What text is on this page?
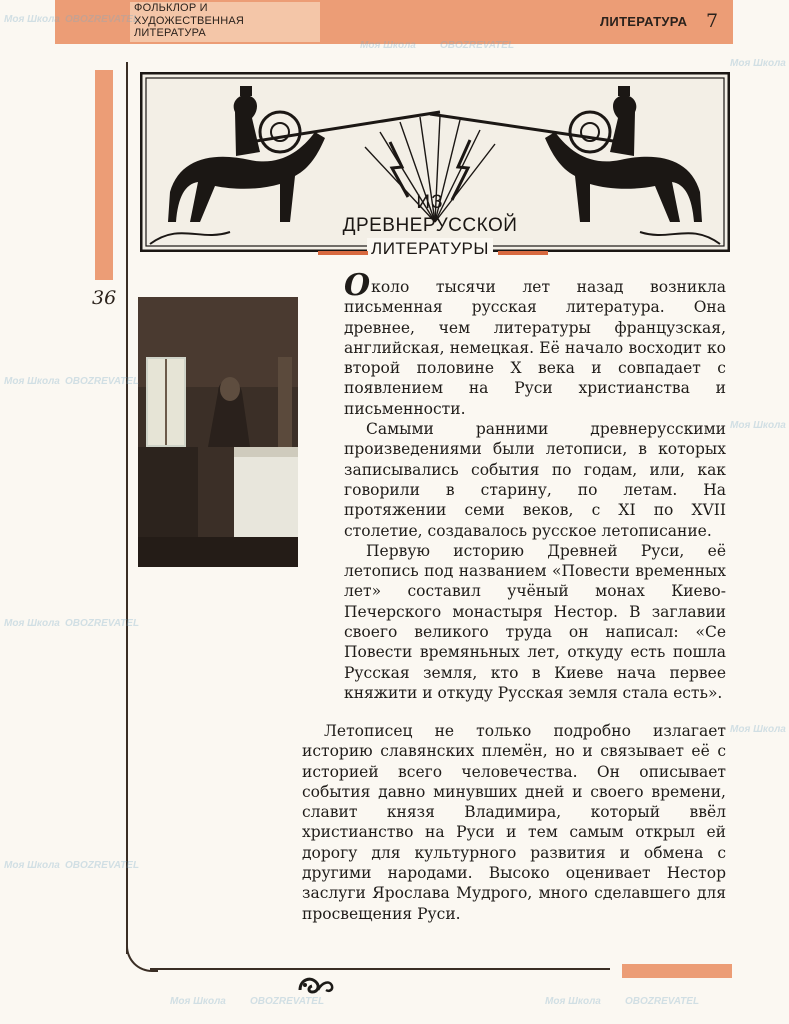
ФОЛЬКЛОР И
ХУДОЖЕСТВЕННАЯ
ЛИТЕРАТУРА
ЛИТЕРАТУРА 7
36
ИЗ
ДРЕВНЕРУССКОЙ
ЛИТЕРАТУРЫ

Около тысячи лет назад возникла письменная русская литература. Она древнее, чем литературы французская, английская, немецкая. Её начало восходит ко второй половине X века и совпадает с появлением на Руси христианства и письменности.

Самыми ранними древнерусскими произведениями были летописи, в которых записывались события по годам, или, как говорили в старину, по летам. На протяжении семи веков, с XI по XVII столетие, создавалось русское летописание.

Первую историю Древней Руси, её летопись под названием «Повести временных лет» составил учёный монах Киево-Печерского монастыря Нестор. В заглавии своего великого труда он написал: «Се Повести времяньных лет, откуду есть пошла Русская земля, кто в Киеве нача первее княжити и откуду Русская земля стала есть».

Летописец не только подробно излагает историю славянских племён, но и связывает её с историей всего человечества. Он описывает события давно минувших дней и своего времени, славит князя Владимира, который ввёл христианство на Руси и тем самым открыл ей дорогу для культурного развития и обмена с другими народами. Высоко оценивает Нестор заслуги Ярослава Мудрого, много сделавшего для просвещения Руси.

Моя Школа OBOZREVATEL
Моя Школа OBOZREVATEL
Моя Школа
Моя Школа OBOZREVATEL
Моя Школа
Моя Школа OBOZREVATEL
Моя Школа
Моя Школа OBOZREVATEL
Моя Школа OBOZREVATEL	Моя Школа OBOZREVATEL
